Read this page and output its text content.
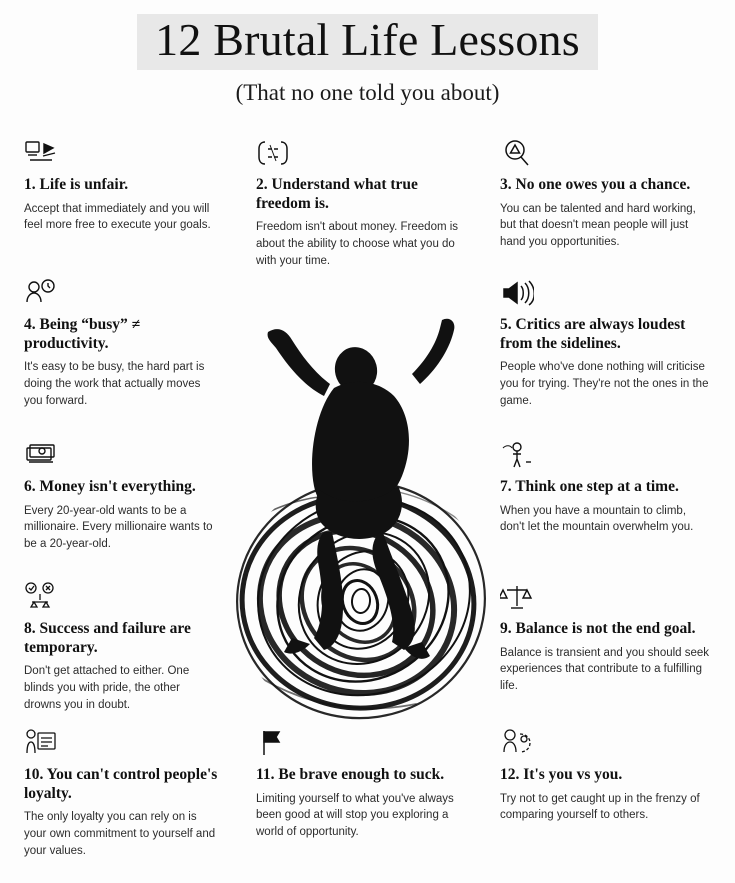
12 Brutal Life Lessons

(That no one told you about)

1. Life is unfair.

Accept that immediately and you will feel more free to execute your goals.

2. Understand what true freedom is.

Freedom isn't about money. Freedom is about the ability to choose what you do with your time.

3. No one owes you a chance.

You can be talented and hard working, but that doesn't mean people will just hand you opportunities.

4. Being “busy” ≠ productivity.

It's easy to be busy, the hard part is doing the work that actually moves you forward.

5. Critics are always loudest from the sidelines.

People who've done nothing will criticise you for trying. They're not the ones in the game.

6. Money isn't everything.

Every 20-year-old wants to be a millionaire. Every millionaire wants to be a 20-year-old.

7. Think one step at a time.

When you have a mountain to climb, don't let the mountain overwhelm you.

8. Success and failure are temporary.

Don't get attached to either. One blinds you with pride, the other drowns you in doubt.

9. Balance is not the end goal.

Balance is transient and you should seek experiences that contribute to a fulfilling life.

10. You can't control people's loyalty.

The only loyalty you can rely on is your own commitment to yourself and your values.

11. Be brave enough to suck.

Limiting yourself to what you've always been good at will stop you exploring a world of opportunity.

12. It's you vs you.

Try not to get caught up in the frenzy of comparing yourself to others.
